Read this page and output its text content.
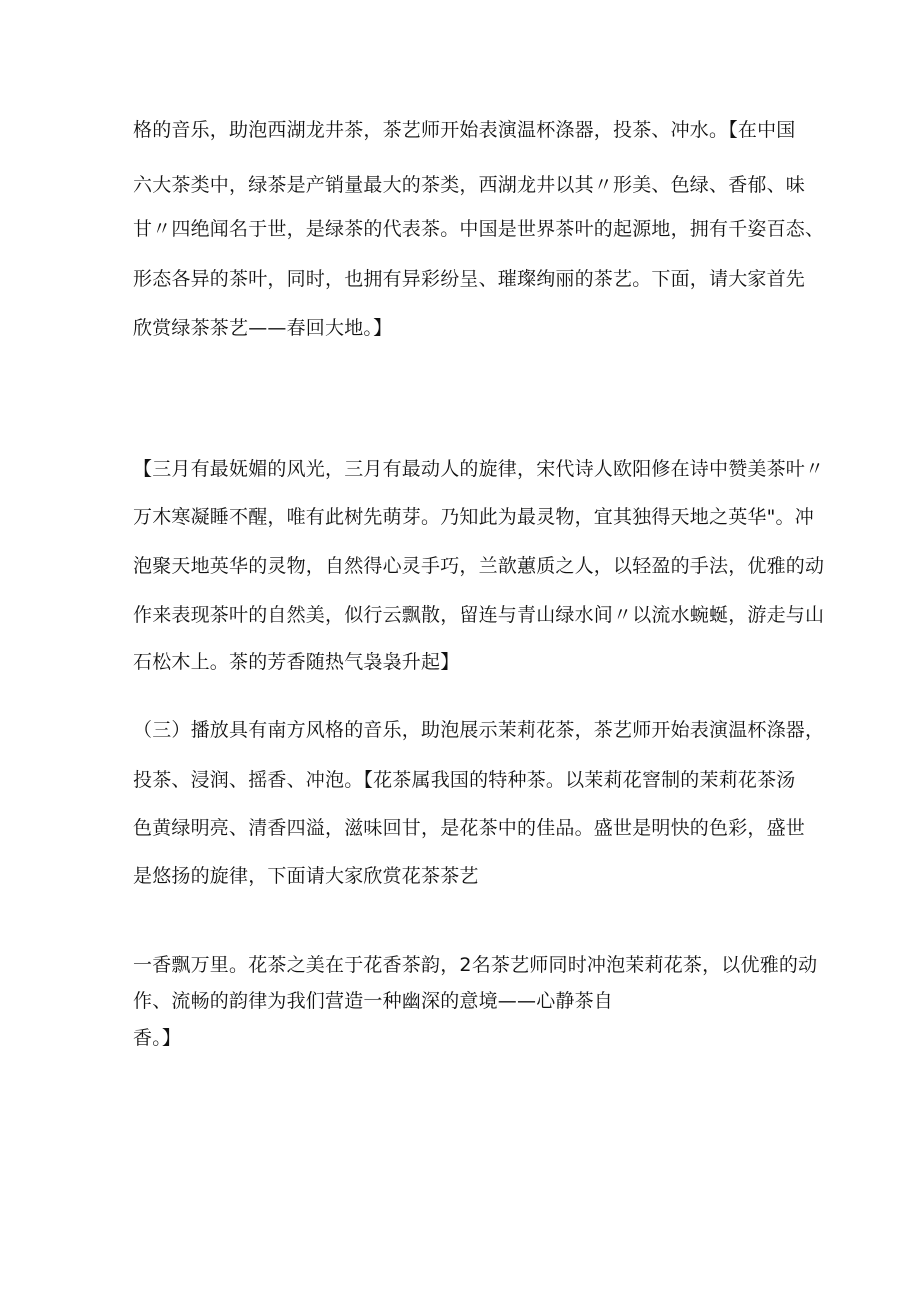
格的音乐，助泡西湖龙井茶，茶艺师开始表演温杯涤器，投茶、冲水。【在中国
六大茶类中，绿茶是产销量最大的茶类，西湖龙井以其〃形美、色绿、香郁、味
甘〃四绝闻名于世，是绿茶的代表茶。中国是世界茶叶的起源地，拥有千姿百态、
形态各异的茶叶，同时，也拥有异彩纷呈、璀璨绚丽的茶艺。下面，请大家首先
欣赏绿茶茶艺——春回大地。】
【三月有最妩媚的风光，三月有最动人的旋律，宋代诗人欧阳修在诗中赞美茶叶〃
万木寒凝睡不醒，唯有此树先萌芽。乃知此为最灵物，宜其独得天地之英华"。冲
泡聚天地英华的灵物，自然得心灵手巧，兰歆蕙质之人，以轻盈的手法，优雅的动
作来表现茶叶的自然美，似行云飘散，留连与青山绿水间〃以流水蜿蜒，游走与山
石松木上。茶的芳香随热气袅袅升起】
（三）播放具有南方风格的音乐，助泡展示茉莉花茶，茶艺师开始表演温杯涤器，
投茶、浸润、摇香、冲泡。【花茶属我国的特种茶。以茉莉花窨制的茉莉花茶汤
色黄绿明亮、清香四溢，滋味回甘，是花茶中的佳品。盛世是明快的色彩，盛世
是悠扬的旋律，下面请大家欣赏花茶茶艺
一香飘万里。花茶之美在于花香茶韵，2名茶艺师同时冲泡茉莉花茶，以优雅的动
作、流畅的韵律为我们营造一种幽深的意境——心静茶自
香。】
